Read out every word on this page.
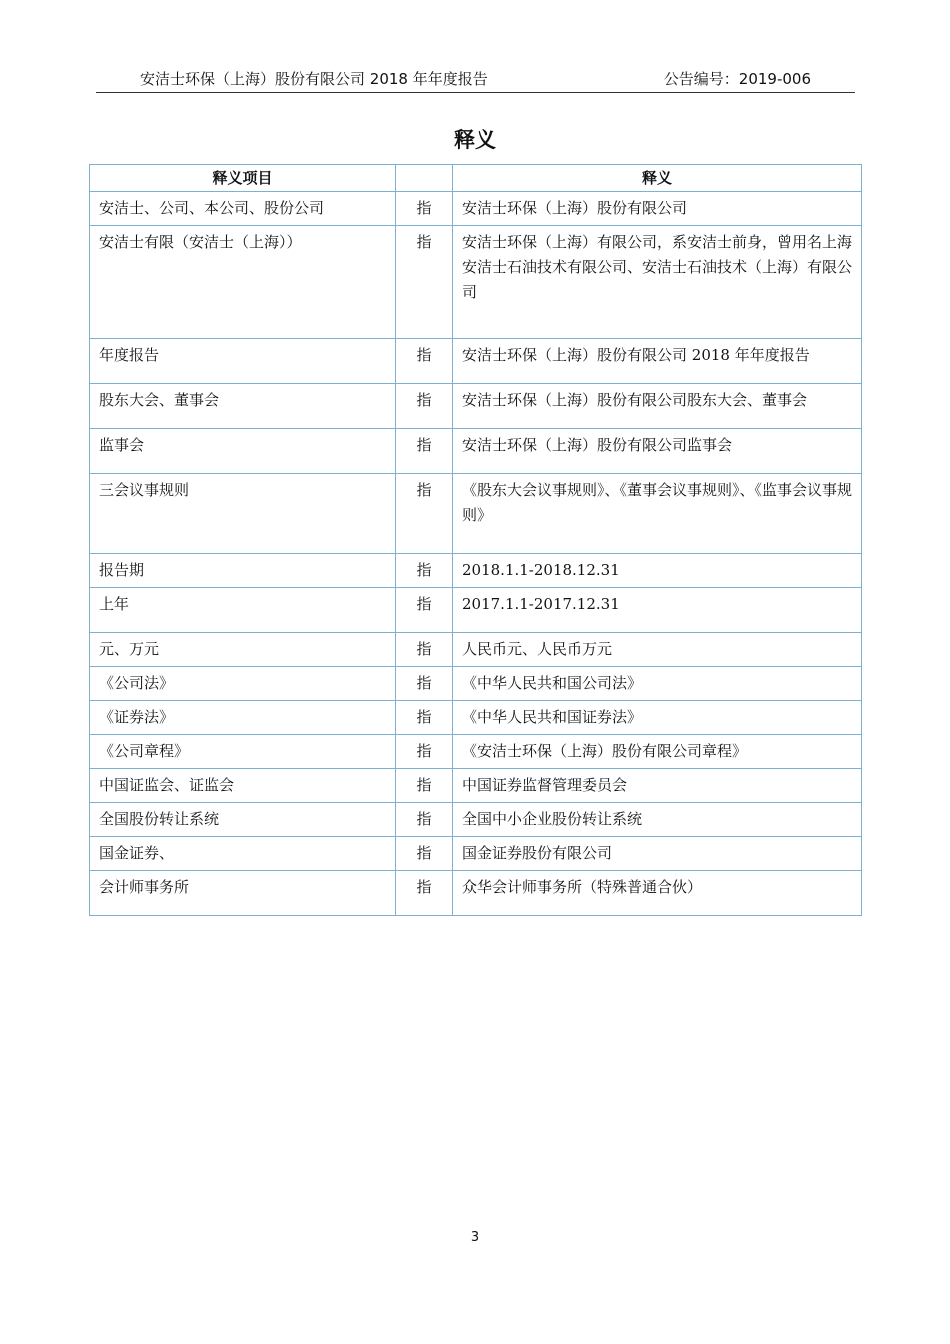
安洁士环保（上海）股份有限公司 2018 年年度报告	公告编号：2019-006
释义
释义项目		释义
安洁士、公司、本公司、股份公司	指	安洁士环保（上海）股份有限公司
安洁士有限（安洁士（上海））	指	安洁士环保（上海）有限公司，系安洁士前身，曾用名上海安洁士石油技术有限公司、安洁士石油技术（上海）有限公司
年度报告	指	安洁士环保（上海）股份有限公司 2018 年年度报告
股东大会、董事会	指	安洁士环保（上海）股份有限公司股东大会、董事会
监事会	指	安洁士环保（上海）股份有限公司监事会
三会议事规则	指	《股东大会议事规则》、《董事会议事规则》、《监事会议事规则》
报告期	指	2018.1.1-2018.12.31
上年	指	2017.1.1-2017.12.31
元、万元	指	人民币元、人民币万元
《公司法》	指	《中华人民共和国公司法》
《证券法》	指	《中华人民共和国证券法》
《公司章程》	指	《安洁士环保（上海）股份有限公司章程》
中国证监会、证监会	指	中国证券监督管理委员会
全国股份转让系统	指	全国中小企业股份转让系统
国金证券、	指	国金证券股份有限公司
会计师事务所	指	众华会计师事务所（特殊普通合伙）
3
